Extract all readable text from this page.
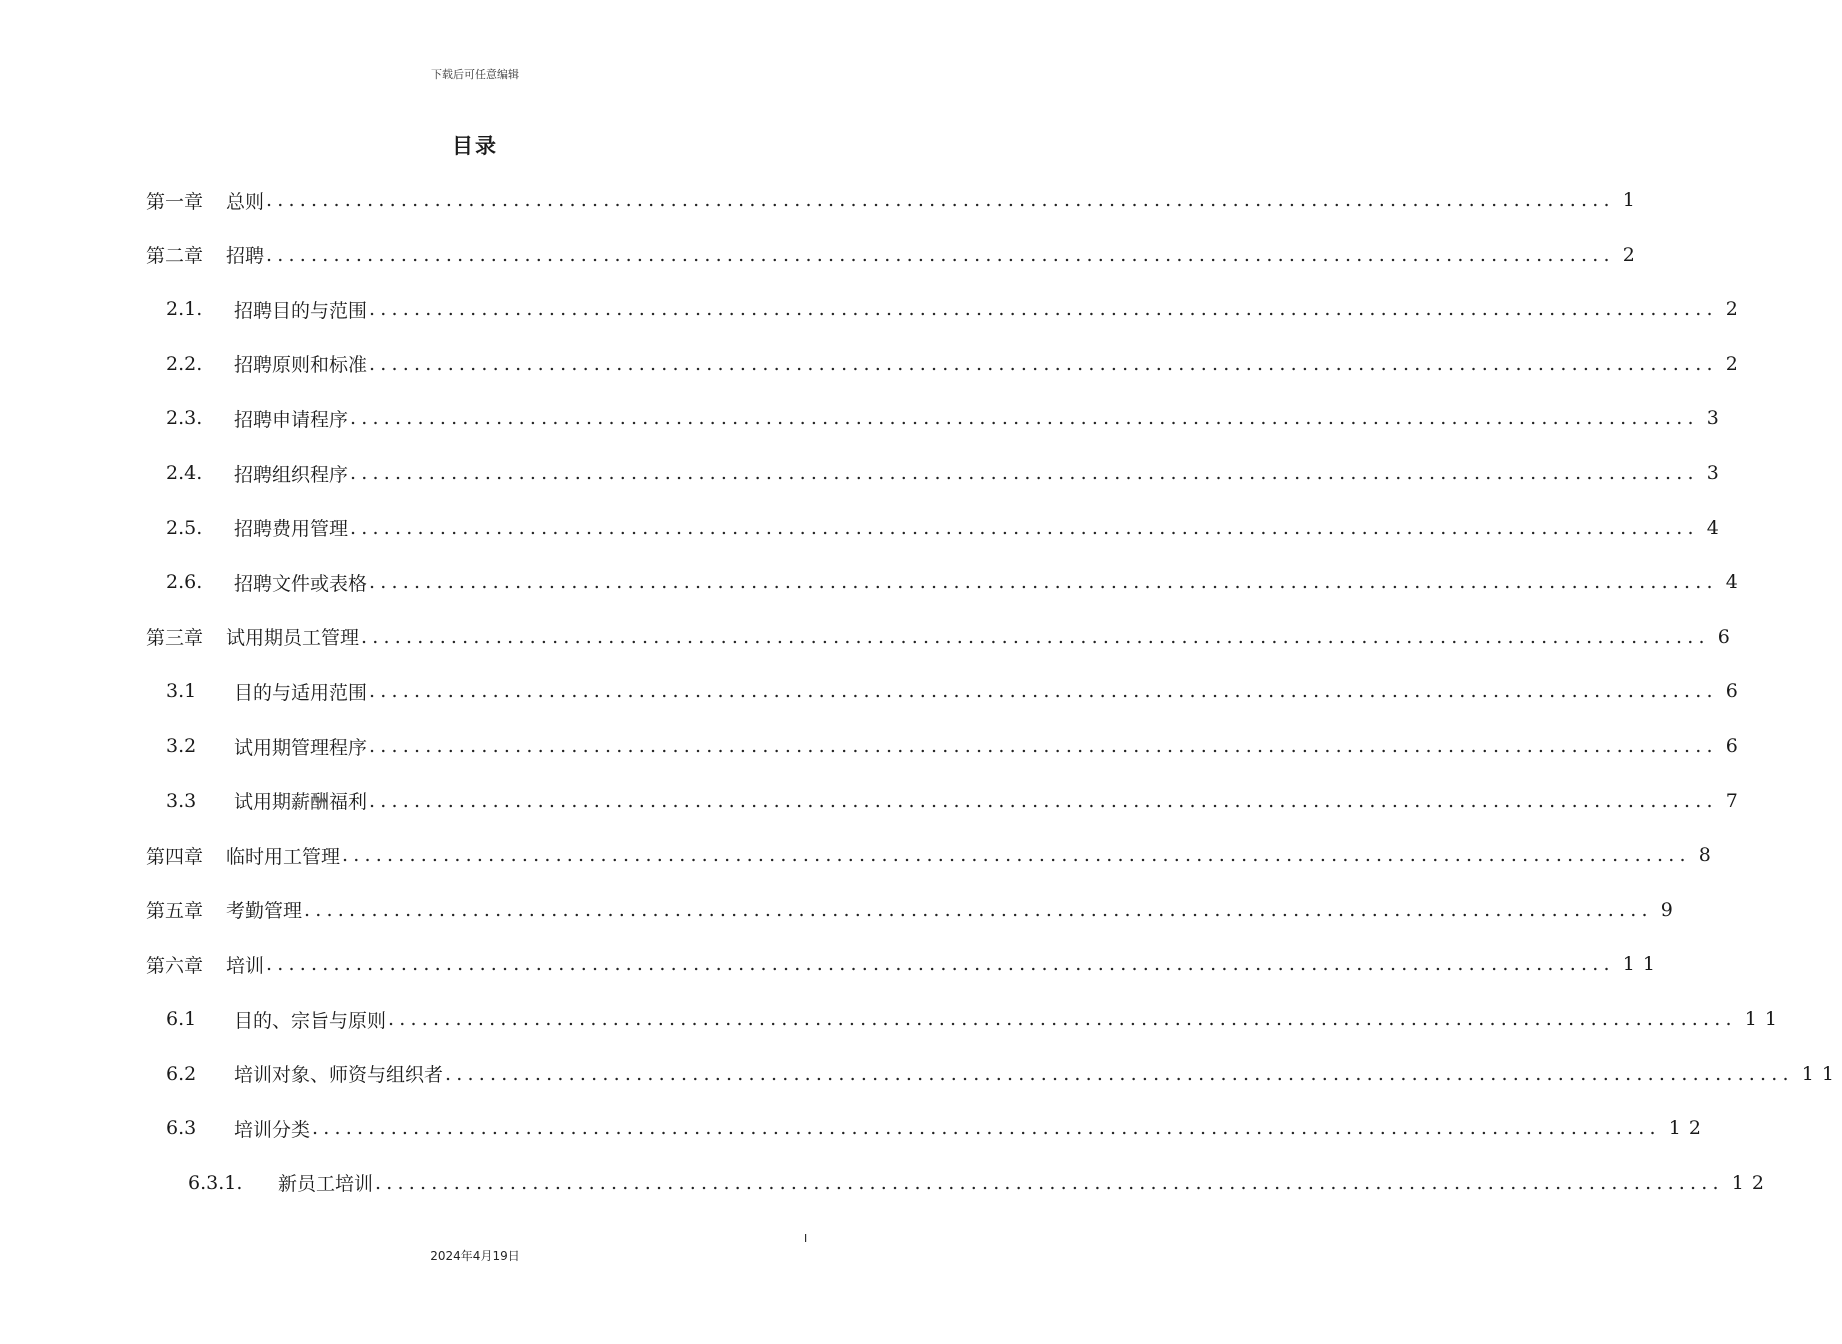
下载后可任意编辑
目录
第一章	总则 ........................................................................................................................ 1
第二章	招聘 ........................................................................................................................ 2
2.1.	招聘目的与范围 ........................................................................................................................ 2
2.2.	招聘原则和标准 ........................................................................................................................ 2
2.3.	招聘申请程序 ........................................................................................................................ 3
2.4.	招聘组织程序 ........................................................................................................................ 3
2.5.	招聘费用管理 ........................................................................................................................ 4
2.6.	招聘文件或表格 ........................................................................................................................ 4
第三章	试用期员工管理 ........................................................................................................................ 6
3.1	目的与适用范围 ........................................................................................................................ 6
3.2	试用期管理程序 ........................................................................................................................ 6
3.3	试用期薪酬福利 ........................................................................................................................ 7
第四章	临时用工管理 ........................................................................................................................ 8
第五章	考勤管理 ........................................................................................................................ 9
第六章	培训 ........................................................................................................................ 11
6.1	目的、宗旨与原则 ........................................................................................................................ 11
6.2	培训对象、师资与组织者 ........................................................................................................................ 11
6.3	培训分类 ........................................................................................................................ 12
6.3.1.	新员工培训 ........................................................................................................................ 12
I
2024年4月19日
